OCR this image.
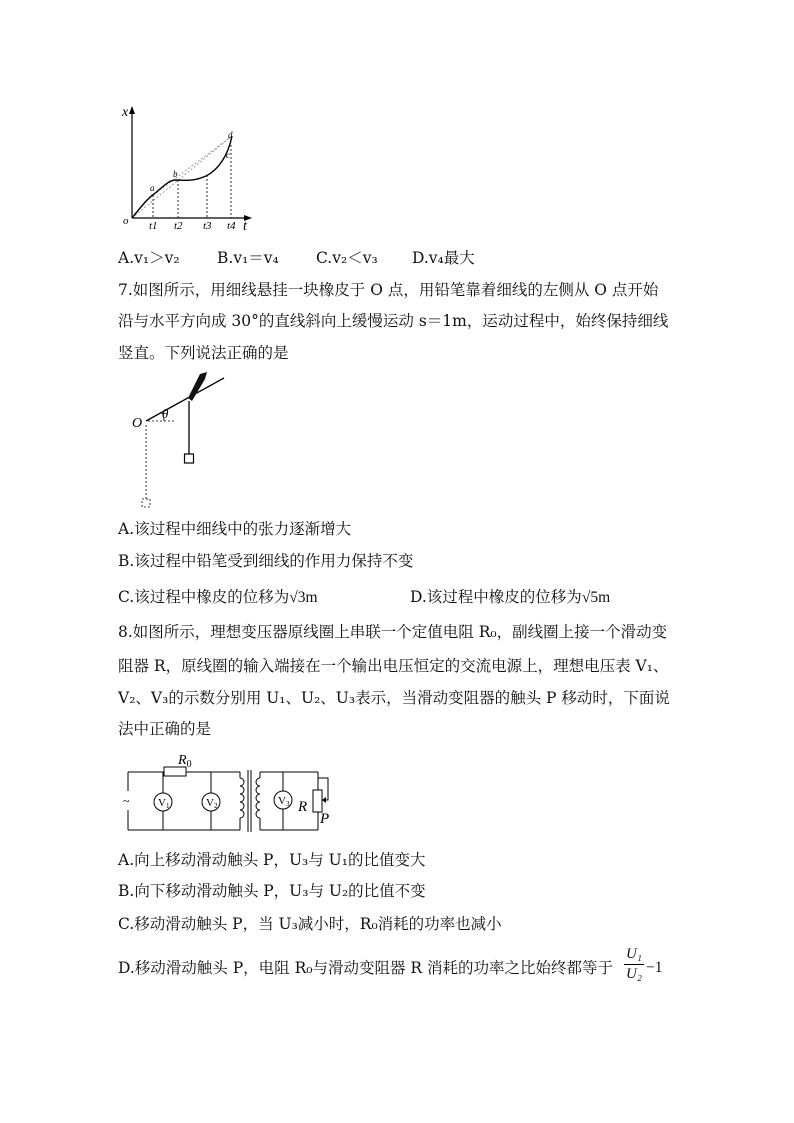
x
t
o
a
b
c
d
t1 t2 t3 t4
A.v₁＞v₂ B.v₁＝v₄ C.v₂＜v₃ D.v₄最大
7.如图所示，用细线悬挂一块橡皮于 O 点，用铅笔靠着细线的左侧从 O 点开始
沿与水平方向成 30°的直线斜向上缓慢运动 s＝1m，运动过程中，始终保持细线
竖直。下列说法正确的是
O
θ
A.该过程中细线中的张力逐渐增大
B.该过程中铅笔受到细线的作用力保持不变
C.该过程中橡皮的位移为√3m	D.该过程中橡皮的位移为√5m
8.如图所示，理想变压器原线圈上串联一个定值电阻 R₀，副线圈上接一个滑动变
阻器 R，原线圈的输入端接在一个输出电压恒定的交流电源上，理想电压表 V₁、
V₂、V₃的示数分别用 U₁、U₂、U₃表示，当滑动变阻器的触头 P 移动时，下面说
法中正确的是
$R_0$
~	V1	V2	V3 R
P
A.向上移动滑动触头 P，U₃与 U₁的比值变大
B.向下移动滑动触头 P，U₃与 U₂的比值不变
C.移动滑动触头 P，当 U₃减小时，R₀消耗的功率也减小
D.移动滑动触头 P，电阻 R₀与滑动变阻器 R 消耗的功率之比始终都等于
U₁
U₂ −1
